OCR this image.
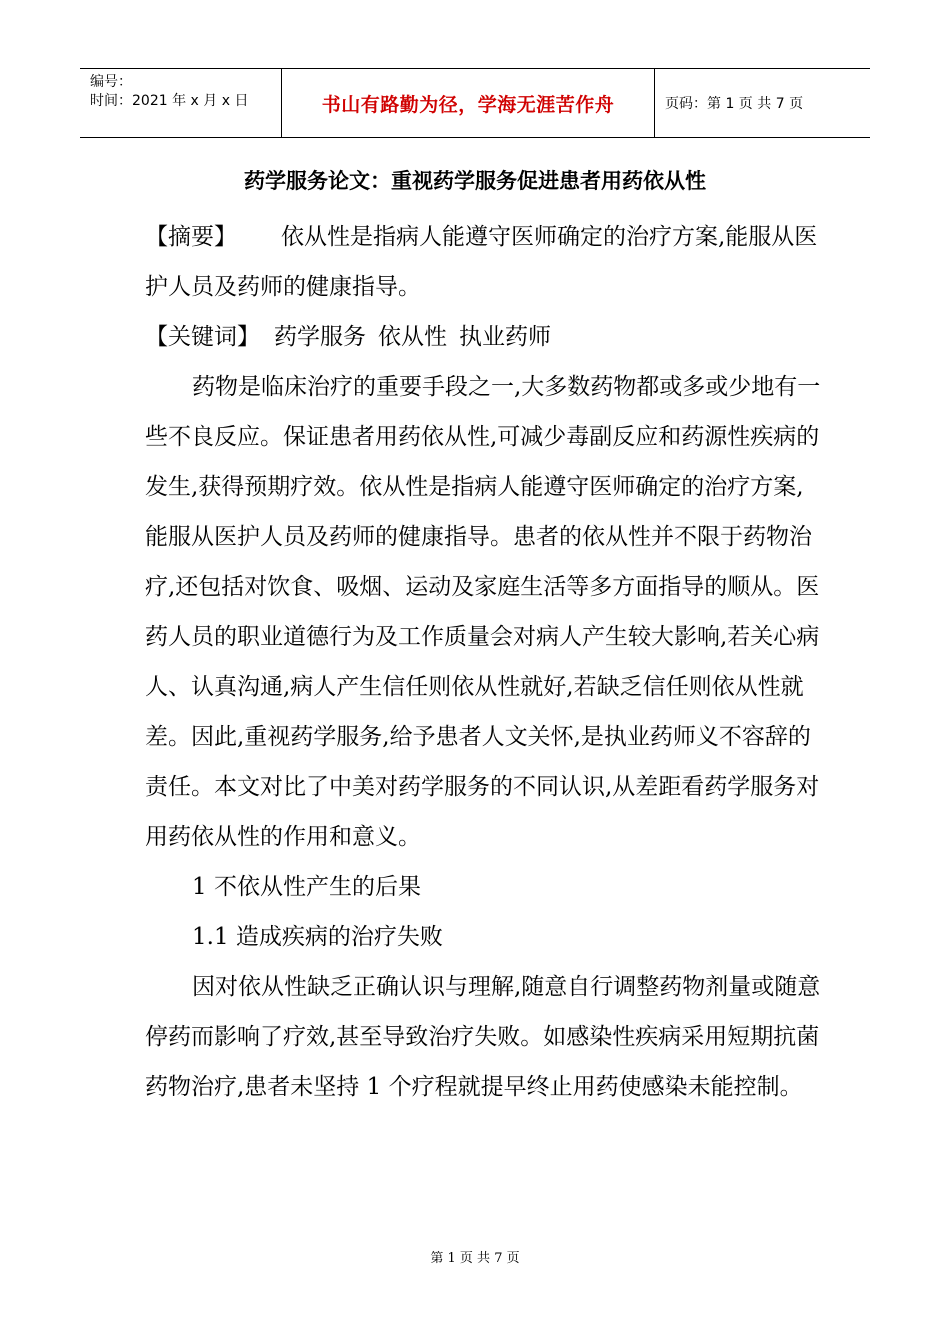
编号：
时间：2021 年 x 月 x 日	书山有路勤为径，学海无涯苦作舟	页码：第 1 页 共 7 页
药学服务论文：重视药学服务促进患者用药依从性

【摘要】 依从性是指病人能遵守医师确定的治疗方案,能服从医护人员及药师的健康指导。

【关键词】 药学服务 依从性 执业药师

药物是临床治疗的重要手段之一,大多数药物都或多或少地有一些不良反应。保证患者用药依从性,可减少毒副反应和药源性疾病的发生,获得预期疗效。依从性是指病人能遵守医师确定的治疗方案,能服从医护人员及药师的健康指导。患者的依从性并不限于药物治疗,还包括对饮食、吸烟、运动及家庭生活等多方面指导的顺从。医药人员的职业道德行为及工作质量会对病人产生较大影响,若关心病人、认真沟通,病人产生信任则依从性就好,若缺乏信任则依从性就差。因此,重视药学服务,给予患者人文关怀,是执业药师义不容辞的责任。本文对比了中美对药学服务的不同认识,从差距看药学服务对用药依从性的作用和意义。

1 不依从性产生的后果

1.1 造成疾病的治疗失败

因对依从性缺乏正确认识与理解,随意自行调整药物剂量或随意停药而影响了疗效,甚至导致治疗失败。如感染性疾病采用短期抗菌药物治疗,患者未坚持 1 个疗程就提早终止用药使感染未能控制。

第 1 页 共 7 页
